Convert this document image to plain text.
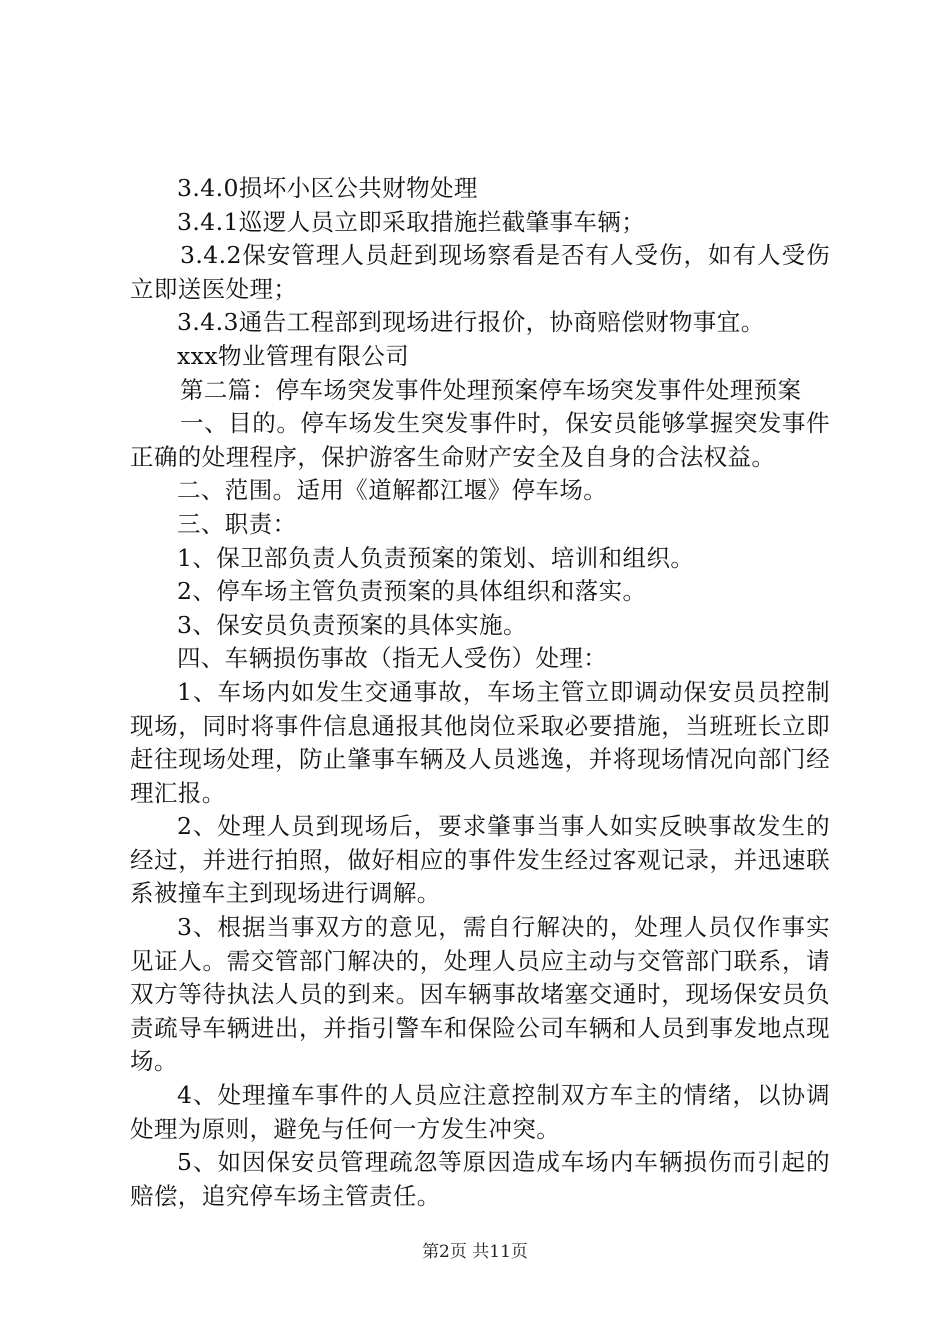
3.4.0损坏小区公共财物处理

3.4.1巡逻人员立即采取措施拦截肇事车辆；

3.4.2保安管理人员赶到现场察看是否有人受伤，如有人受伤立即送医处理；

3.4.3通告工程部到现场进行报价，协商赔偿财物事宜。

xxx物业管理有限公司

第二篇：停车场突发事件处理预案停车场突发事件处理预案

一、目的。停车场发生突发事件时，保安员能够掌握突发事件正确的处理程序，保护游客生命财产安全及自身的合法权益。

二、范围。适用《道解都江堰》停车场。

三、职责：

1、保卫部负责人负责预案的策划、培训和组织。

2、停车场主管负责预案的具体组织和落实。

3、保安员负责预案的具体实施。

四、车辆损伤事故（指无人受伤）处理：

1、车场内如发生交通事故，车场主管立即调动保安员员控制现场，同时将事件信息通报其他岗位采取必要措施，当班班长立即赶往现场处理，防止肇事车辆及人员逃逸，并将现场情况向部门经理汇报。

2、处理人员到现场后，要求肇事当事人如实反映事故发生的经过，并进行拍照，做好相应的事件发生经过客观记录，并迅速联系被撞车主到现场进行调解。

3、根据当事双方的意见，需自行解决的，处理人员仅作事实见证人。需交管部门解决的，处理人员应主动与交管部门联系，请双方等待执法人员的到来。因车辆事故堵塞交通时，现场保安员负责疏导车辆进出，并指引警车和保险公司车辆和人员到事发地点现场。

4、处理撞车事件的人员应注意控制双方车主的情绪，以协调处理为原则，避免与任何一方发生冲突。

5、如因保安员管理疏忽等原因造成车场内车辆损伤而引起的赔偿，追究停车场主管责任。

第2页 共11页
